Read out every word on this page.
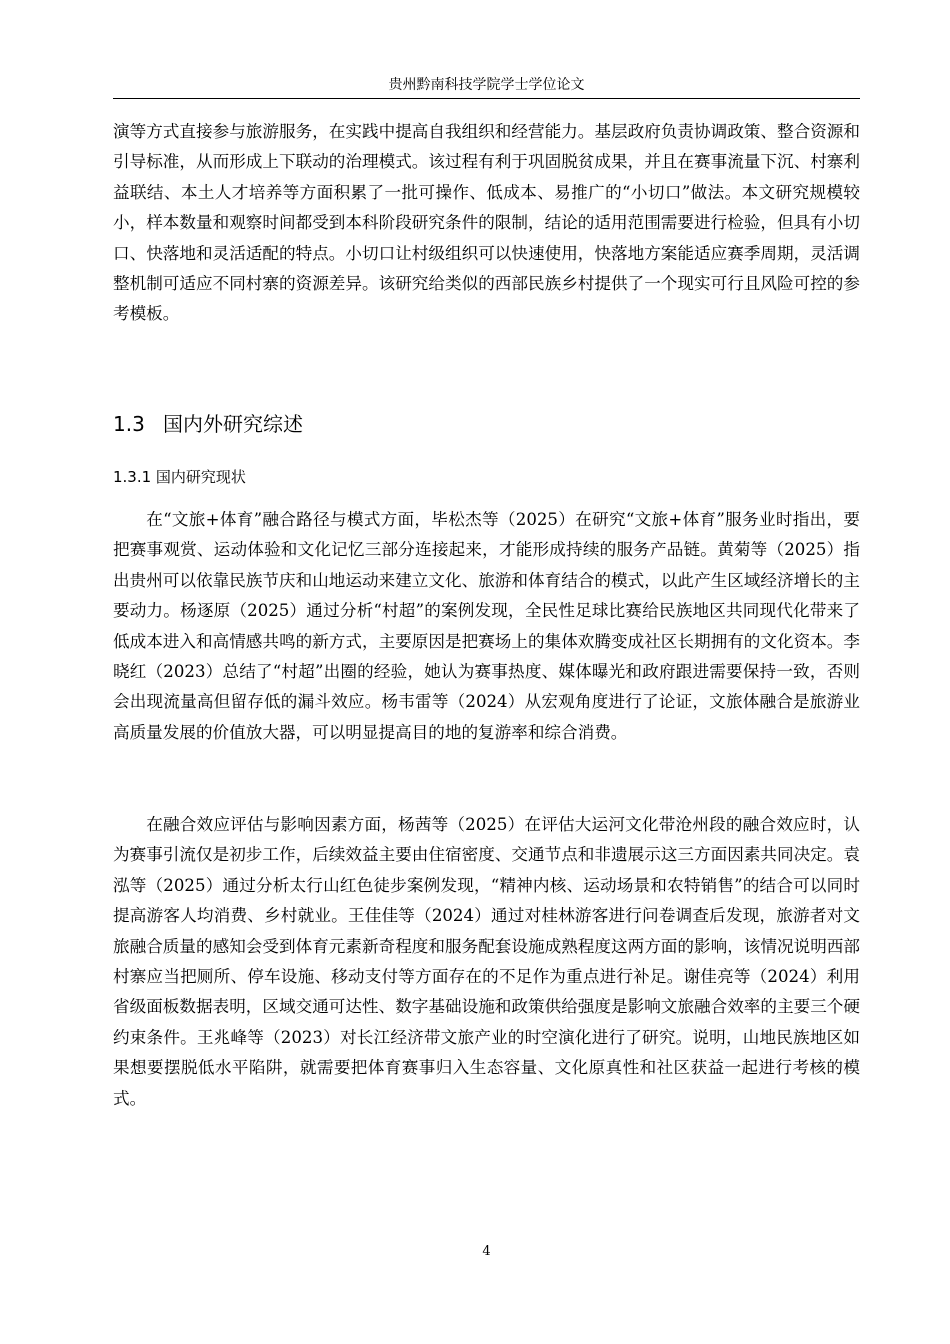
贵州黔南科技学院学士学位论文

演等方式直接参与旅游服务，在实践中提高自我组织和经营能力。基层政府负责协调政策、整合资源和引导标准，从而形成上下联动的治理模式。该过程有利于巩固脱贫成果，并且在赛事流量下沉、村寨利益联结、本土人才培养等方面积累了一批可操作、低成本、易推广的“小切口”做法。本文研究规模较小，样本数量和观察时间都受到本科阶段研究条件的限制，结论的适用范围需要进行检验，但具有小切口、快落地和灵活适配的特点。小切口让村级组织可以快速使用，快落地方案能适应赛季周期，灵活调整机制可适应不同村寨的资源差异。该研究给类似的西部民族乡村提供了一个现实可行且风险可控的参考模板。

1.3 国内外研究综述
1.3.1 国内研究现状

在“文旅+体育”融合路径与模式方面，毕松杰等（2025）在研究“文旅+体育”服务业时指出，要把赛事观赏、运动体验和文化记忆三部分连接起来，才能形成持续的服务产品链。黄菊等（2025）指出贵州可以依靠民族节庆和山地运动来建立文化、旅游和体育结合的模式，以此产生区域经济增长的主要动力。杨逐原（2025）通过分析“村超”的案例发现，全民性足球比赛给民族地区共同现代化带来了低成本进入和高情感共鸣的新方式，主要原因是把赛场上的集体欢腾变成社区长期拥有的文化资本。李晓红（2023）总结了“村超”出圈的经验，她认为赛事热度、媒体曝光和政府跟进需要保持一致，否则会出现流量高但留存低的漏斗效应。杨韦雷等（2024）从宏观角度进行了论证，文旅体融合是旅游业高质量发展的价值放大器，可以明显提高目的地的复游率和综合消费。

在融合效应评估与影响因素方面，杨茜等（2025）在评估大运河文化带沧州段的融合效应时，认为赛事引流仅是初步工作，后续效益主要由住宿密度、交通节点和非遗展示这三方面因素共同决定。袁泓等（2025）通过分析太行山红色徒步案例发现，“精神内核、运动场景和农特销售”的结合可以同时提高游客人均消费、乡村就业。王佳佳等（2024）通过对桂林游客进行问卷调查后发现，旅游者对文旅融合质量的感知会受到体育元素新奇程度和服务配套设施成熟程度这两方面的影响，该情况说明西部村寨应当把厕所、停车设施、移动支付等方面存在的不足作为重点进行补足。谢佳亮等（2024）利用省级面板数据表明，区域交通可达性、数字基础设施和政策供给强度是影响文旅融合效率的主要三个硬约束条件。王兆峰等（2023）对长江经济带文旅产业的时空演化进行了研究。说明，山地民族地区如果想要摆脱低水平陷阱，就需要把体育赛事归入生态容量、文化原真性和社区获益一起进行考核的模式。

4
